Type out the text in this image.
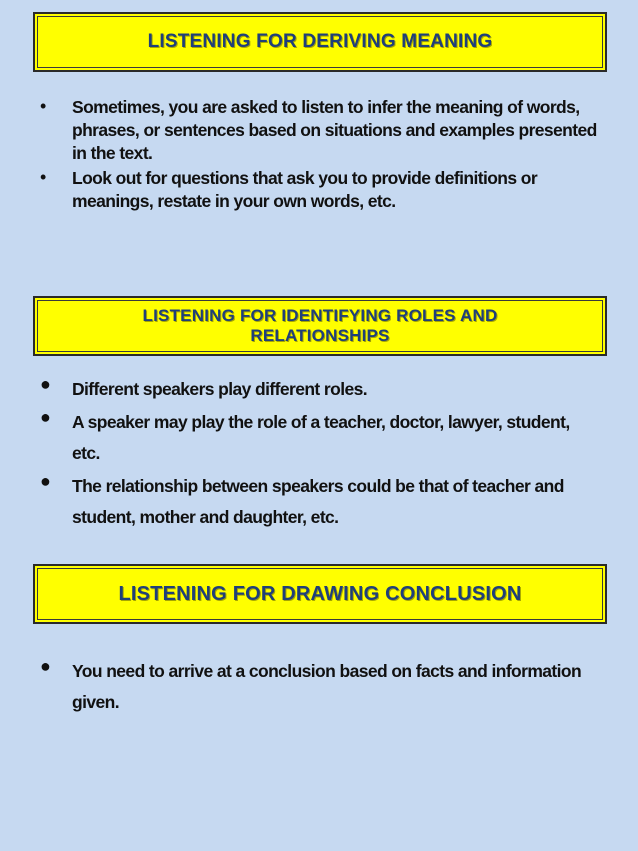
LISTENING FOR DERIVING MEANING
•	Sometimes, you are asked to listen to infer the meaning of words, phrases, or sentences based on situations and examples presented in the text.
•	Look out for questions that ask you to provide definitions or meanings, restate in your own words, etc.
LISTENING FOR IDENTIFYING ROLES AND
RELATIONSHIPS
●	Different speakers play different roles.
●	A speaker may play the role of a teacher, doctor, lawyer, student, etc.
●	The relationship between speakers could be that of teacher and student, mother and daughter, etc.
LISTENING FOR DRAWING CONCLUSION
●	You need to arrive at a conclusion based on facts and information given.
